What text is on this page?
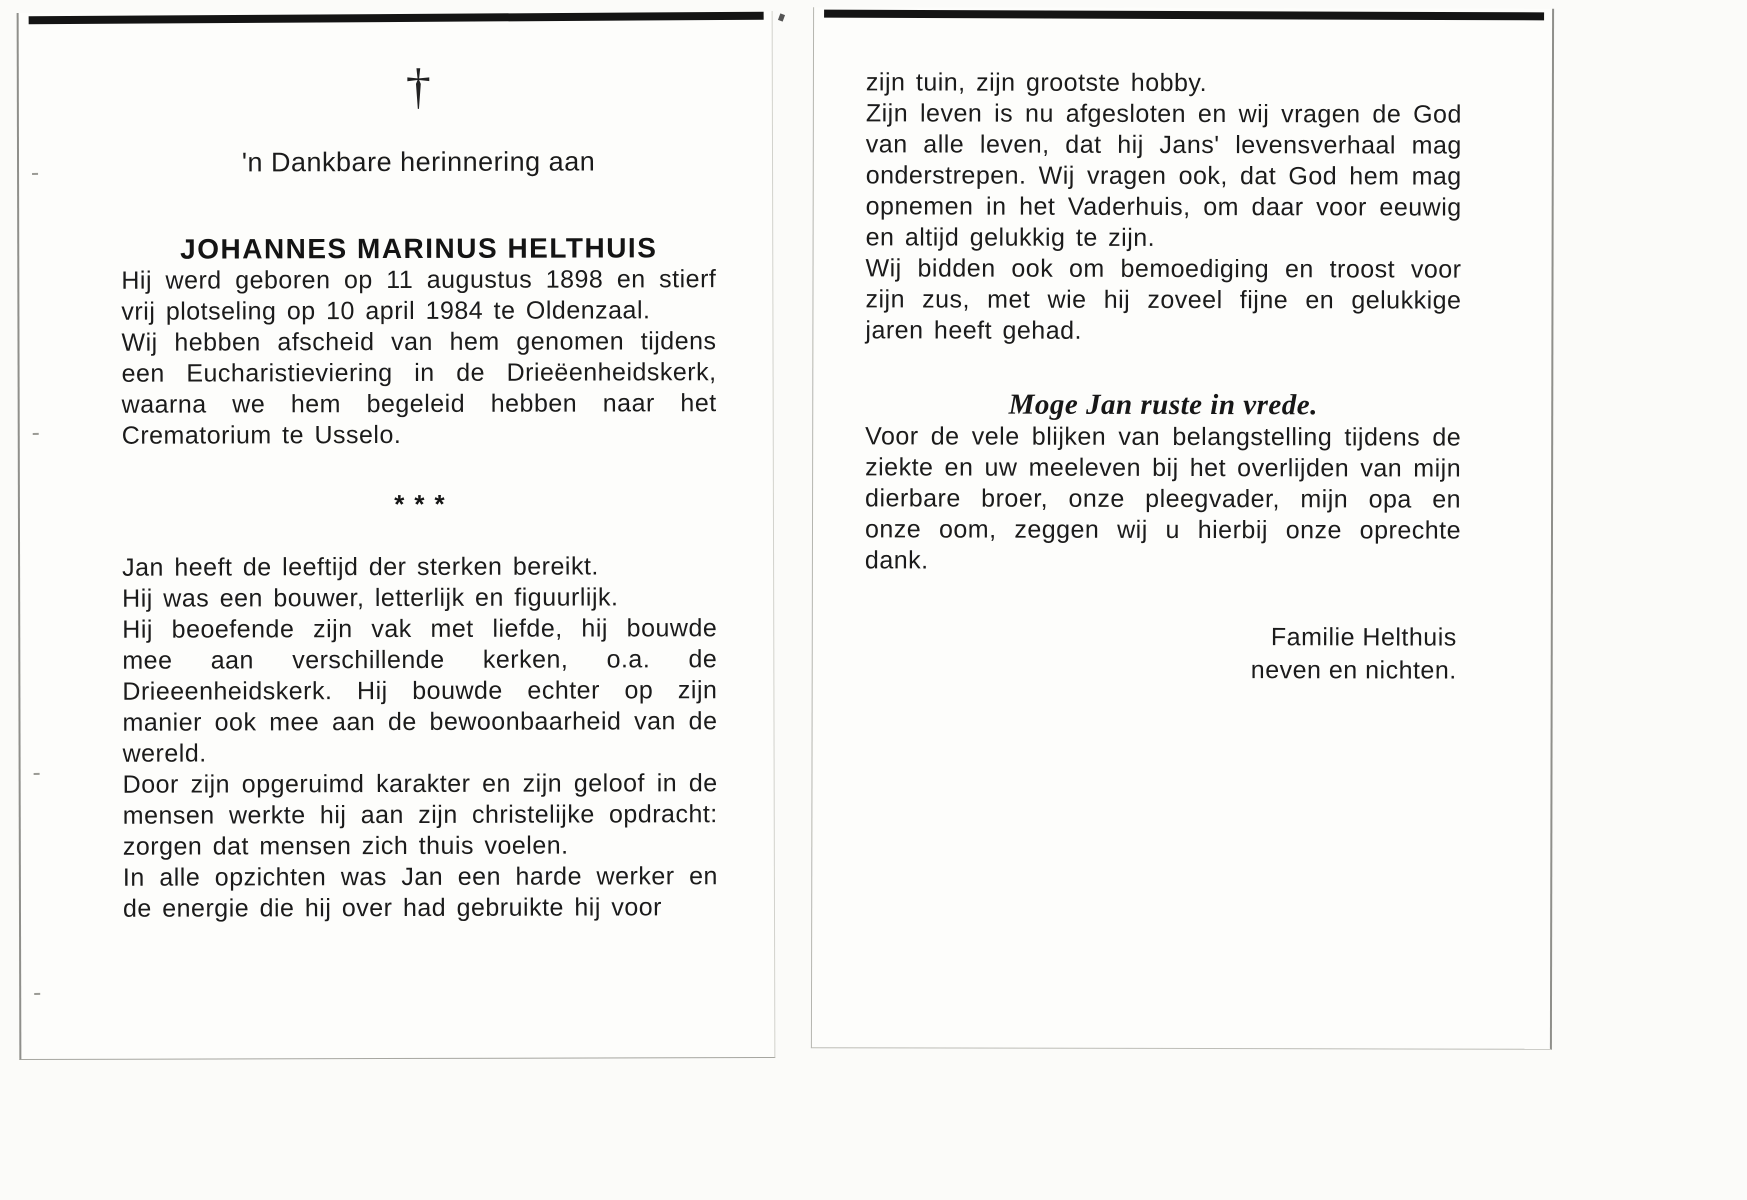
†
'n Dankbare herinnering aan
JOHANNES MARINUS HELTHUIS

Hij werd geboren op 11 augustus 1898 en stierf vrij plotseling op 10 april 1984 te Oldenzaal.

Wij hebben afscheid van hem genomen tijdens een Eucharistieviering in de Drieëenheidskerk, waarna we hem begeleid hebben naar het Crematorium te Usselo.

***

Jan heeft de leeftijd der sterken bereikt.

Hij was een bouwer, letterlijk en figuurlijk.

Hij beoefende zijn vak met liefde, hij bouwde mee aan verschillende kerken, o.a. de Drieeenheidskerk. Hij bouwde echter op zijn manier ook mee aan de bewoonbaarheid van de wereld.

Door zijn opgeruimd karakter en zijn geloof in de mensen werkte hij aan zijn christelijke opdracht: zorgen dat mensen zich thuis voelen.

In alle opzichten was Jan een harde werker en de energie die hij over had gebruikte hij voor

zijn tuin, zijn grootste hobby.

Zijn leven is nu afgesloten en wij vragen de God van alle leven, dat hij Jans' levensverhaal mag onderstrepen. Wij vragen ook, dat God hem mag opnemen in het Vaderhuis, om daar voor eeuwig en altijd gelukkig te zijn.

Wij bidden ook om bemoediging en troost voor zijn zus, met wie hij zoveel fijne en gelukkige jaren heeft gehad.

Moge Jan ruste in vrede.

Voor de vele blijken van belangstelling tijdens de ziekte en uw meeleven bij het overlijden van mijn dierbare broer, onze pleegvader, mijn opa en onze oom, zeggen wij u hierbij onze oprechte dank.

Familie Helthuis
neven en nichten.
